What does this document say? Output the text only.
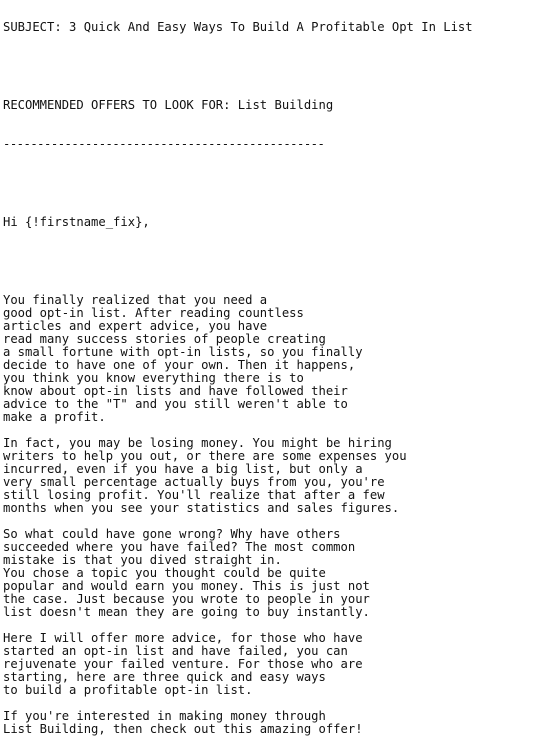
SUBJECT: 3 Quick And Easy Ways To Build A Profitable Opt In List

RECOMMENDED OFFERS TO LOOK FOR: List Building

-----------------------------------------------

Hi {!firstname_fix},

You finally realized that you need a
good opt-in list. After reading countless
articles and expert advice, you have
read many success stories of people creating
a small fortune with opt-in lists, so you finally
decide to have one of your own. Then it happens,
you think you know everything there is to
know about opt-in lists and have followed their
advice to the "T" and you still weren't able to
make a profit.
In fact, you may be losing money. You might be hiring
writers to help you out, or there are some expenses you
incurred, even if you have a big list, but only a
very small percentage actually buys from you, you're
still losing profit. You'll realize that after a few
months when you see your statistics and sales figures.
So what could have gone wrong? Why have others
succeeded where you have failed? The most common
mistake is that you dived straight in.
You chose a topic you thought could be quite
popular and would earn you money. This is just not
the case. Just because you wrote to people in your
list doesn't mean they are going to buy instantly.
Here I will offer more advice, for those who have
started an opt-in list and have failed, you can
rejuvenate your failed venture. For those who are
starting, here are three quick and easy ways
to build a profitable opt-in list.
If you're interested in making money through
List Building, then check out this amazing offer!
